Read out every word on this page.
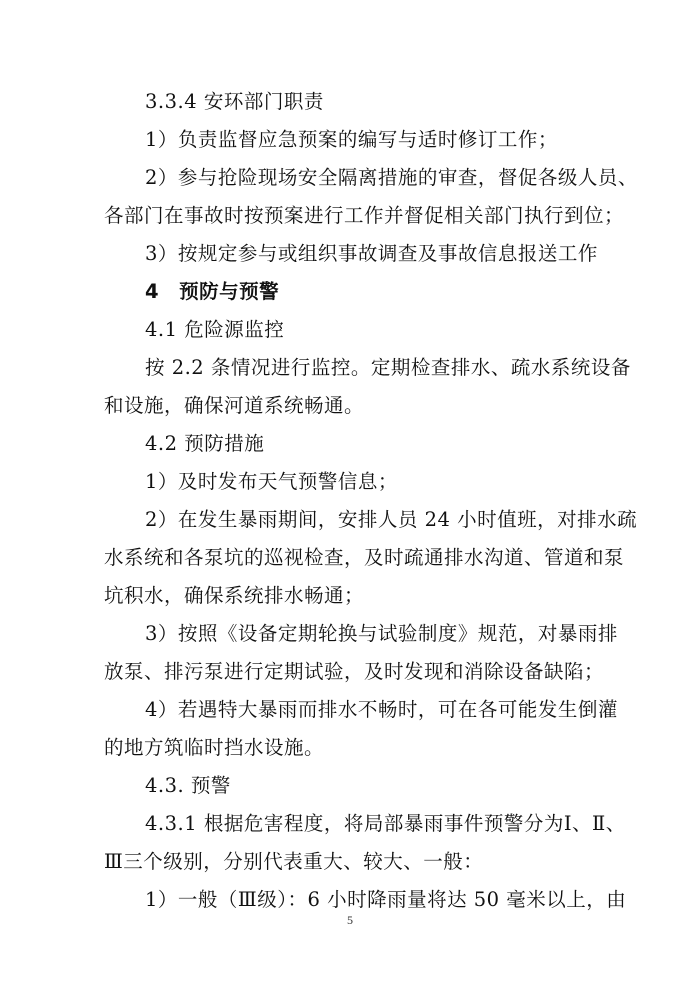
3.3.4 安环部门职责
1）负责监督应急预案的编写与适时修订工作；
2）参与抢险现场安全隔离措施的审查，督促各级人员、
各部门在事故时按预案进行工作并督促相关部门执行到位；
3）按规定参与或组织事故调查及事故信息报送工作
4　预防与预警
4.1 危险源监控
按 2.2 条情况进行监控。定期检查排水、疏水系统设备
和设施，确保河道系统畅通。
4.2 预防措施
1）及时发布天气预警信息；
2）在发生暴雨期间，安排人员 24 小时值班，对排水疏
水系统和各泵坑的巡视检查，及时疏通排水沟道、管道和泵
坑积水，确保系统排水畅通；
3）按照《设备定期轮换与试验制度》规范，对暴雨排
放泵、排污泵进行定期试验，及时发现和消除设备缺陷；
4）若遇特大暴雨而排水不畅时，可在各可能发生倒灌
的地方筑临时挡水设施。
4.3. 预警
4.3.1 根据危害程度，将局部暴雨事件预警分为Ⅰ、Ⅱ、
Ⅲ三个级别，分别代表重大、较大、一般：
1）一般（Ⅲ级）：6 小时降雨量将达 50 毫米以上，由
5
